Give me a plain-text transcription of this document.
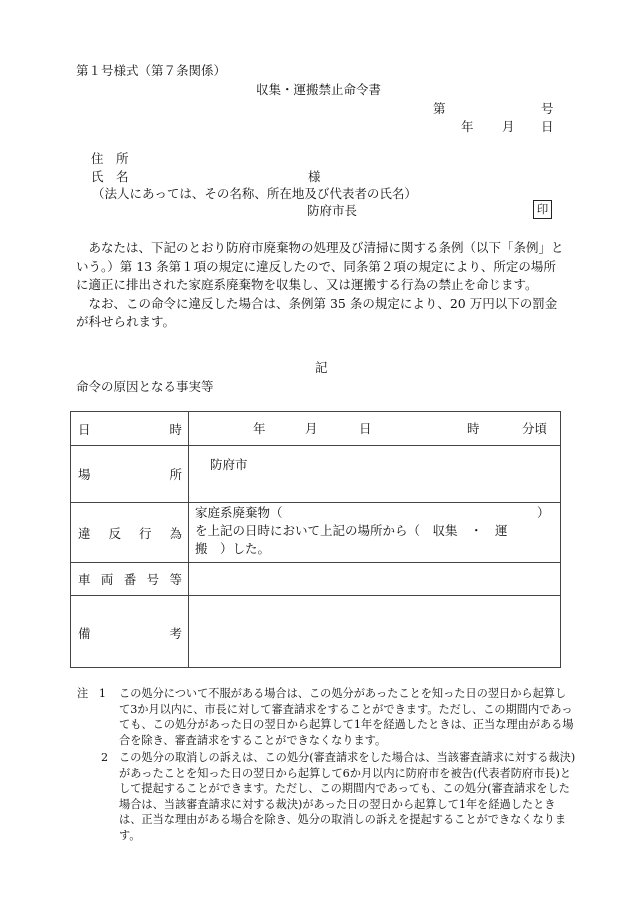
第１号様式（第７条関係）
収集・運搬禁止命令書
第	号
年 月 日
住　所
氏　名	様
（法人にあっては、その名称、所在地及び代表者の氏名）
防府市長	印

　あなたは、下記のとおり防府市廃棄物の処理及び清掃に関する条例（以下「条例」という。）第 13 条第１項の規定に違反したので、同条第２項の規定により、所定の場所に適正に排出された家庭系廃棄物を収集し、又は運搬する行為の禁止を命じます。

　なお、この命令に違反した場合は、条例第 35 条の規定により、20 万円以下の罰金が科せられます。

記
命令の原因となる事実等
日 時	年 月 日 時 分頃

場 所	防府市

違 反 行 為	家庭系廃棄物（ ）
を上記の日時において上記の場所から（　収集　・　運
搬　）した。

車 両 番 号 等	

備 考	

注 1	この処分について不服がある場合は、この処分があったことを知った日の翌日から起算して3か月以内に、市長に対して審査請求をすることができます。ただし、この期間内であっても、この処分があった日の翌日から起算して1年を経過したときは、正当な理由がある場合を除き、審査請求をすることができなくなります。
2 この処分の取消しの訴えは、この処分(審査請求をした場合は、当該審査請求に対する裁決)があったことを知った日の翌日から起算して6か月以内に防府市を被告(代表者防府市長)として提起することができます。ただし、この期間内であっても、この処分(審査請求をした場合は、当該審査請求に対する裁決)があった日の翌日から起算して1年を経過したときは、正当な理由がある場合を除き、処分の取消しの訴えを提起することができなくなります。
